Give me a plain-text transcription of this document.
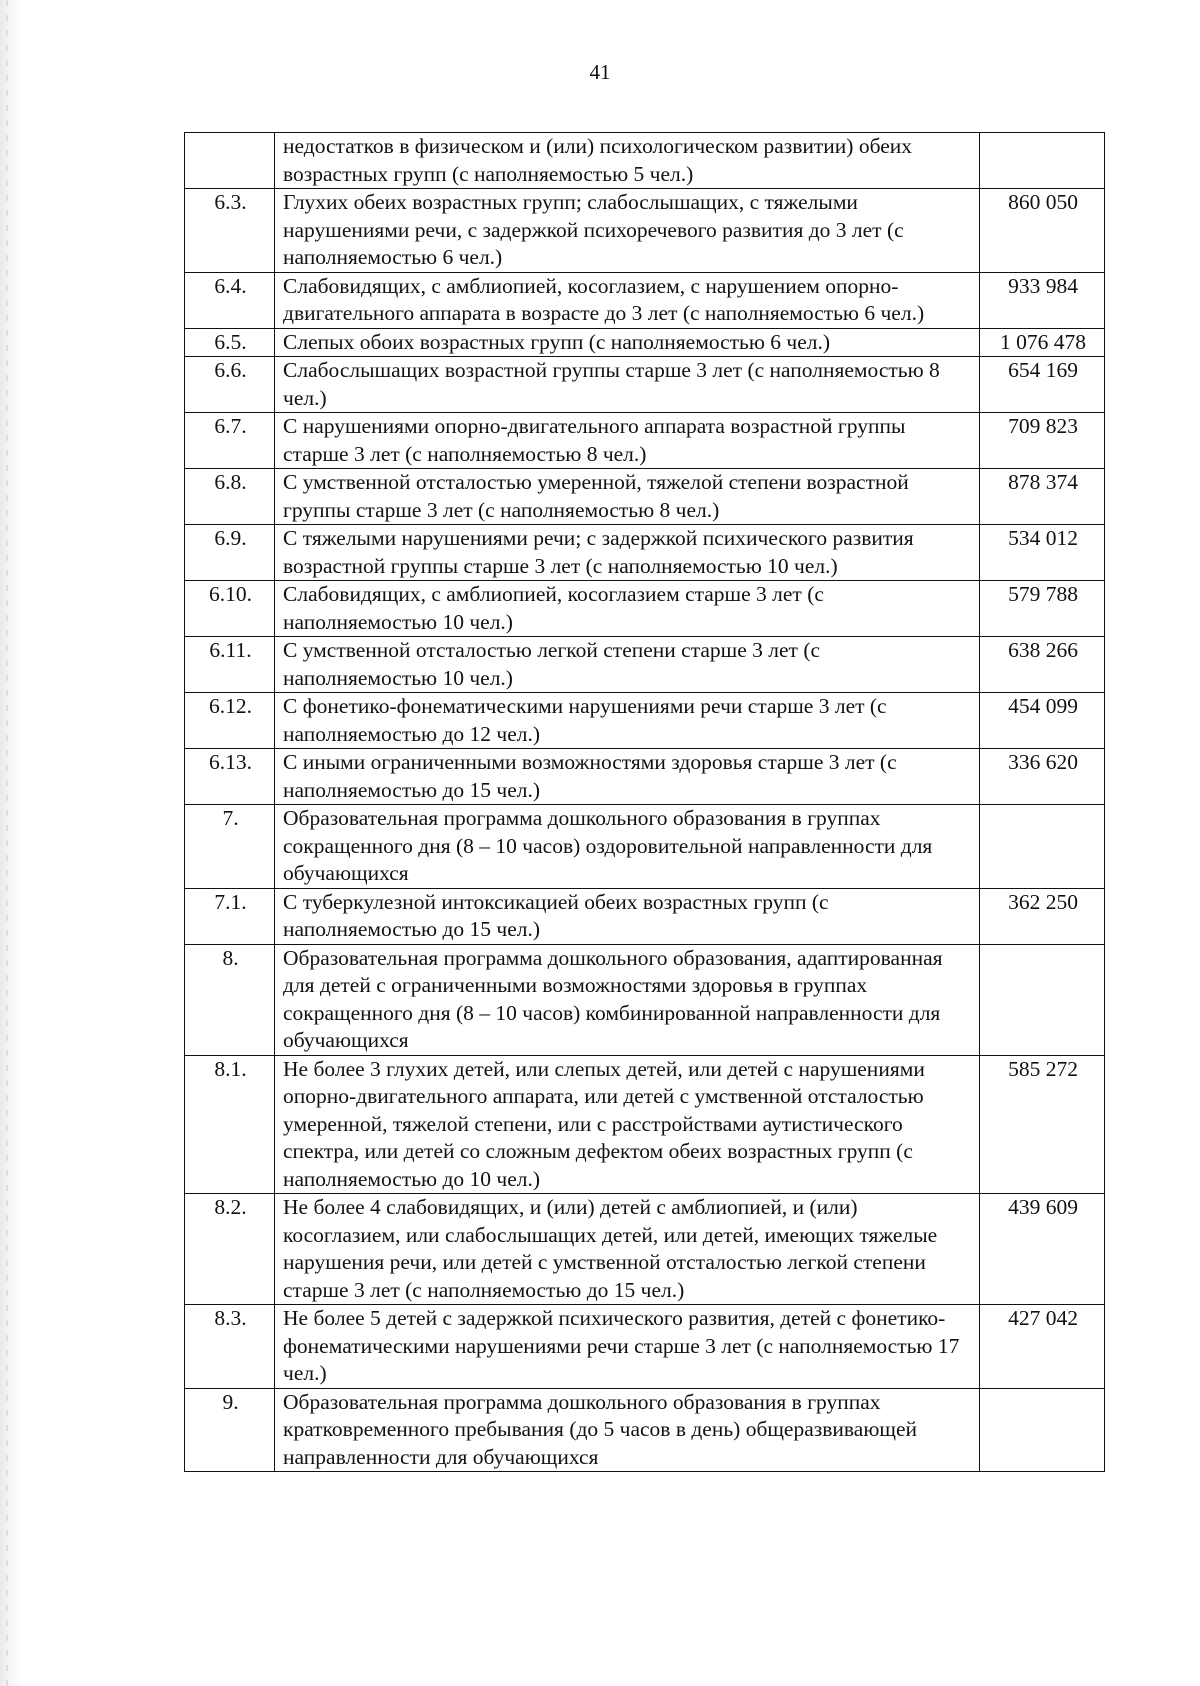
41
	недостатков в физическом и (или) психологическом развитии) обеих возрастных групп (с наполняемостью 5 чел.)	
6.3.	Глухих обеих возрастных групп; слабослышащих, с тяжелыми нарушениями речи, с задержкой психоречевого развития до 3 лет (с наполняемостью 6 чел.)	860 050
6.4.	Слабовидящих, с амблиопией, косоглазием, с нарушением опорно-двигательного аппарата в возрасте до 3 лет (с наполняемостью 6 чел.)	933 984
6.5.	Слепых обоих возрастных групп (с наполняемостью 6 чел.)	1 076 478
6.6.	Слабослышащих возрастной группы старше 3 лет (с наполняемостью 8 чел.)	654 169
6.7.	С нарушениями опорно-двигательного аппарата возрастной группы старше 3 лет (с наполняемостью 8 чел.)	709 823
6.8.	С умственной отсталостью умеренной, тяжелой степени возрастной группы старше 3 лет (с наполняемостью 8 чел.)	878 374
6.9.	С тяжелыми нарушениями речи; с задержкой психического развития возрастной группы старше 3 лет (с наполняемостью 10 чел.)	534 012
6.10.	Слабовидящих, с амблиопией, косоглазием старше 3 лет (с наполняемостью 10 чел.)	579 788
6.11.	С умственной отсталостью легкой степени старше 3 лет (с наполняемостью 10 чел.)	638 266
6.12.	С фонетико-фонематическими нарушениями речи старше 3 лет (с наполняемостью до 12 чел.)	454 099
6.13.	С иными ограниченными возможностями здоровья старше 3 лет (с наполняемостью до 15 чел.)	336 620
7.	Образовательная программа дошкольного образования в группах сокращенного дня (8 – 10 часов) оздоровительной направленности для обучающихся	
7.1.	С туберкулезной интоксикацией обеих возрастных групп (с наполняемостью до 15 чел.)	362 250
8.	Образовательная программа дошкольного образования, адаптированная для детей с ограниченными возможностями здоровья в группах сокращенного дня (8 – 10 часов) комбинированной направленности для обучающихся	
8.1.	Не более 3 глухих детей, или слепых детей, или детей с нарушениями опорно-двигательного аппарата, или детей с умственной отсталостью умеренной, тяжелой степени, или с расстройствами аутистического спектра, или детей со сложным дефектом обеих возрастных групп (с наполняемостью до 10 чел.)	585 272
8.2.	Не более 4 слабовидящих, и (или) детей с амблиопией, и (или) косоглазием, или слабослышащих детей, или детей, имеющих тяжелые нарушения речи, или детей с умственной отсталостью легкой степени старше 3 лет (с наполняемостью до 15 чел.)	439 609
8.3.	Не более 5 детей с задержкой психического развития, детей с фонетико-фонематическими нарушениями речи старше 3 лет (с наполняемостью 17 чел.)	427 042
9.	Образовательная программа дошкольного образования в группах кратковременного пребывания (до 5 часов в день) общеразвивающей направленности для обучающихся	
